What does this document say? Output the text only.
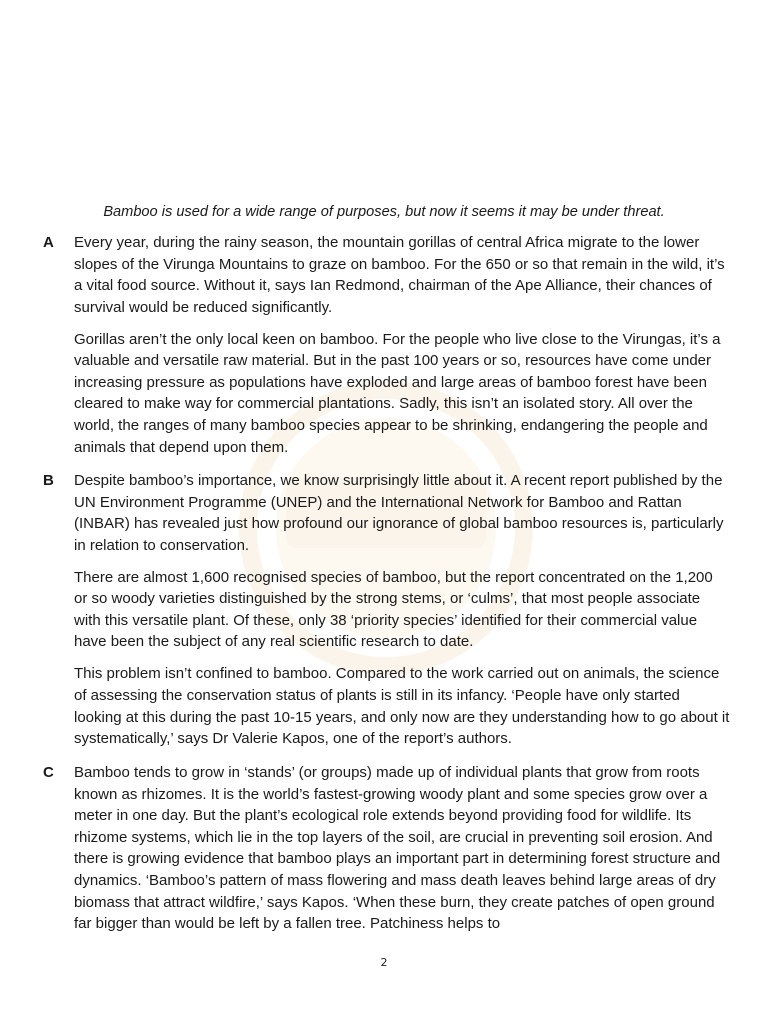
Bamboo is used for a wide range of purposes, but now it seems it may be under threat.
A Every year, during the rainy season, the mountain gorillas of central Africa migrate to the lower slopes of the Virunga Mountains to graze on bamboo. For the 650 or so that remain in the wild, it’s a vital food source. Without it, says Ian Redmond, chairman of the Ape Alliance, their chances of survival would be reduced significantly.

Gorillas aren’t the only local keen on bamboo. For the people who live close to the Virungas, it’s a valuable and versatile raw material. But in the past 100 years or so, resources have come under increasing pressure as populations have exploded and large areas of bamboo forest have been cleared to make way for commercial plantations. Sadly, this isn’t an isolated story. All over the world, the ranges of many bamboo species appear to be shrinking, endangering the people and animals that depend upon them.

B Despite bamboo’s importance, we know surprisingly little about it. A recent report published by the UN Environment Programme (UNEP) and the International Network for Bamboo and Rattan (INBAR) has revealed just how profound our ignorance of global bamboo resources is, particularly in relation to conservation.

There are almost 1,600 recognised species of bamboo, but the report concentrated on the 1,200 or so woody varieties distinguished by the strong stems, or ‘culms’, that most people associate with this versatile plant. Of these, only 38 ‘priority species’ identified for their commercial value have been the subject of any real scientific research to date.

This problem isn’t confined to bamboo. Compared to the work carried out on animals, the science of assessing the conservation status of plants is still in its infancy. ‘People have only started looking at this during the past 10-15 years, and only now are they understanding how to go about it systematically,’ says Dr Valerie Kapos, one of the report’s authors.

C Bamboo tends to grow in ‘stands’ (or groups) made up of individual plants that grow from roots known as rhizomes. It is the world’s fastest-growing woody plant and some species grow over a meter in one day. But the plant’s ecological role extends beyond providing food for wildlife. Its rhizome systems, which lie in the top layers of the soil, are crucial in preventing soil erosion. And there is growing evidence that bamboo plays an important part in determining forest structure and dynamics. ‘Bamboo’s pattern of mass flowering and mass death leaves behind large areas of dry biomass that attract wildfire,’ says Kapos. ‘When these burn, they create patches of open ground far bigger than would be left by a fallen tree. Patchiness helps to

2
